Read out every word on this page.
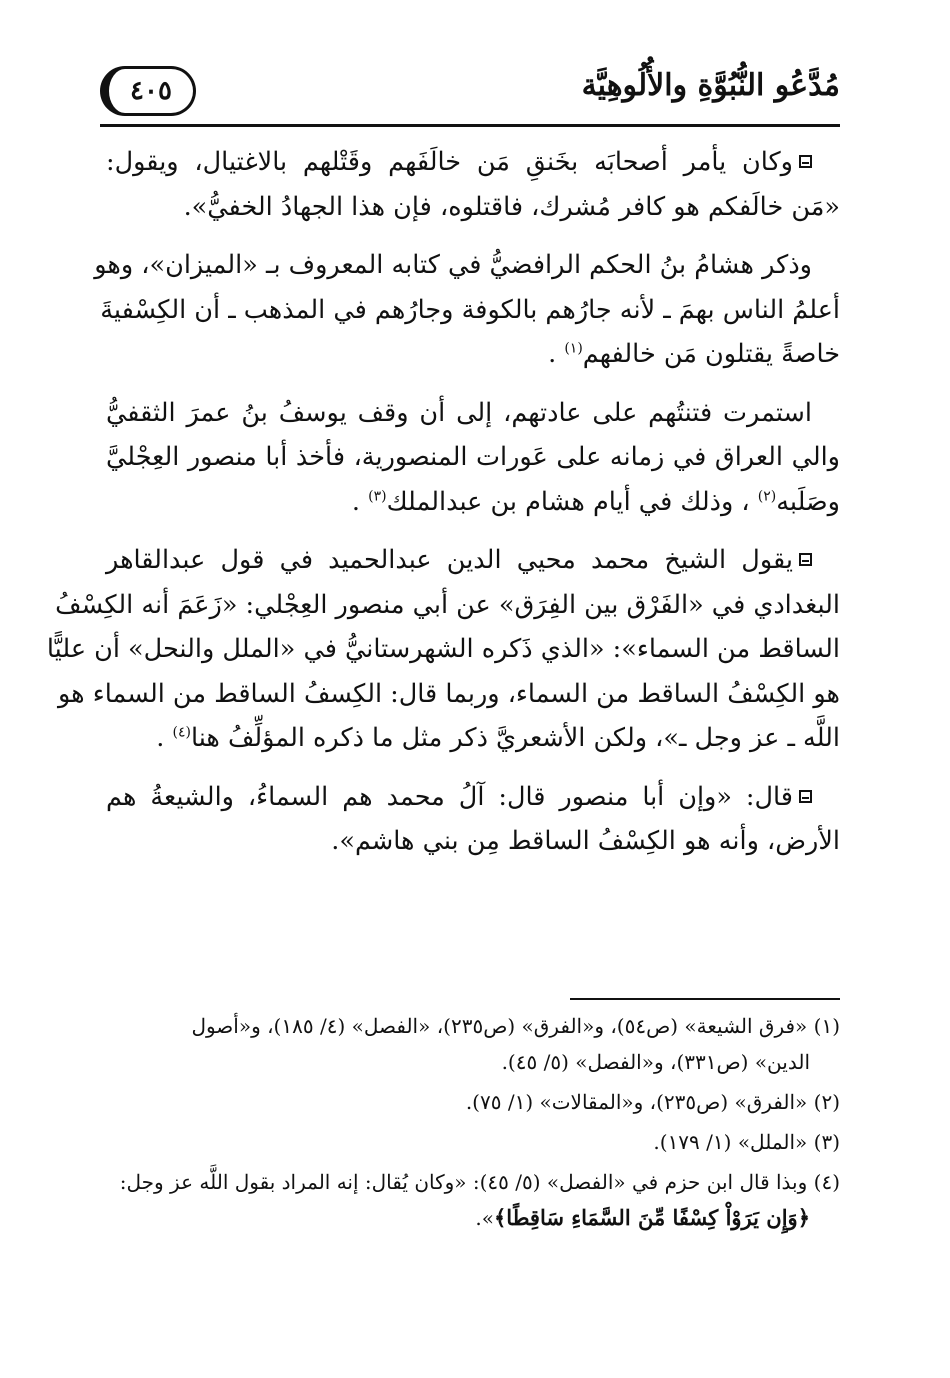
مُدَّعُو النُّبُوَّةِ والأُلُوهِيَّة
٤٠٥
وكان يأمر أصحابَه بخَنقِ مَن خالَفَهم وقَتْلهم بالاغتيال، ويقول:
«مَن خالَفكم هو كافر مُشرك، فاقتلوه، فإن هذا الجهادُ الخفيُّ».
وذكر هشامُ بنُ الحكم الرافضيُّ في كتابه المعروف بـ «الميزان»، وهو
أعلمُ الناس بهمَ ـ لأنه جارُهم بالكوفة وجارُهم في المذهب ـ أن الكِسْفيةَ
خاصةً يقتلون مَن خالفهم$^{(١)}$ .
استمرت فتنتُهم على عادتهم، إلى أن وقف يوسفُ بنُ عمرَ الثقفيُّ
والي العراق في زمانه على عَورات المنصورية، فأخذ أبا منصور العِجْليَّ
وصَلَبه$^{(٢)}$ ، وذلك في أيام هشام بن عبدالملك$^{(٣)}$ .
يقول الشيخ محمد محيي الدين عبدالحميد في قول عبدالقاهر
البغدادي في «الفَرْق بين الفِرَق» عن أبي منصور العِجْلي: «زَعَمَ أنه الكِسْفُ
الساقط من السماء»: «الذي ذَكره الشهرستانيُّ في «الملل والنحل» أن عليًّا
هو الكِسْفُ الساقط من السماء، وربما قال: الكِسفُ الساقط من السماء هو
اللَّه ـ عز وجل ـ»، ولكن الأشعريَّ ذكر مثل ما ذكره المؤلِّفُ هنا$^{(٤)}$ .
قال: «وإن أبا منصور قال: آلُ محمد هم السماءُ، والشيعةُ هم
الأرض، وأنه هو الكِسْفُ الساقط مِن بني هاشم».
(١) «فرق الشيعة» (ص٥٤)، و«الفرق» (ص٢٣٥)، «الفصل» (٤/ ١٨٥)، و«أصول
الدين» (ص٣٣١)، و«الفصل» (٥/ ٤٥).
(٢) «الفرق» (ص٢٣٥)، و«المقالات» (١/ ٧٥).
(٣) «الملل» (١/ ١٧٩).
(٤) وبذا قال ابن حزم في «الفصل» (٥/ ٤٥): «وكان يُقال: إنه المراد بقول اللَّه عز وجل:
﴿وَإِن يَرَوْاْ كِسْفًا مِّنَ السَّمَاءِ سَاقِطًا﴾».
